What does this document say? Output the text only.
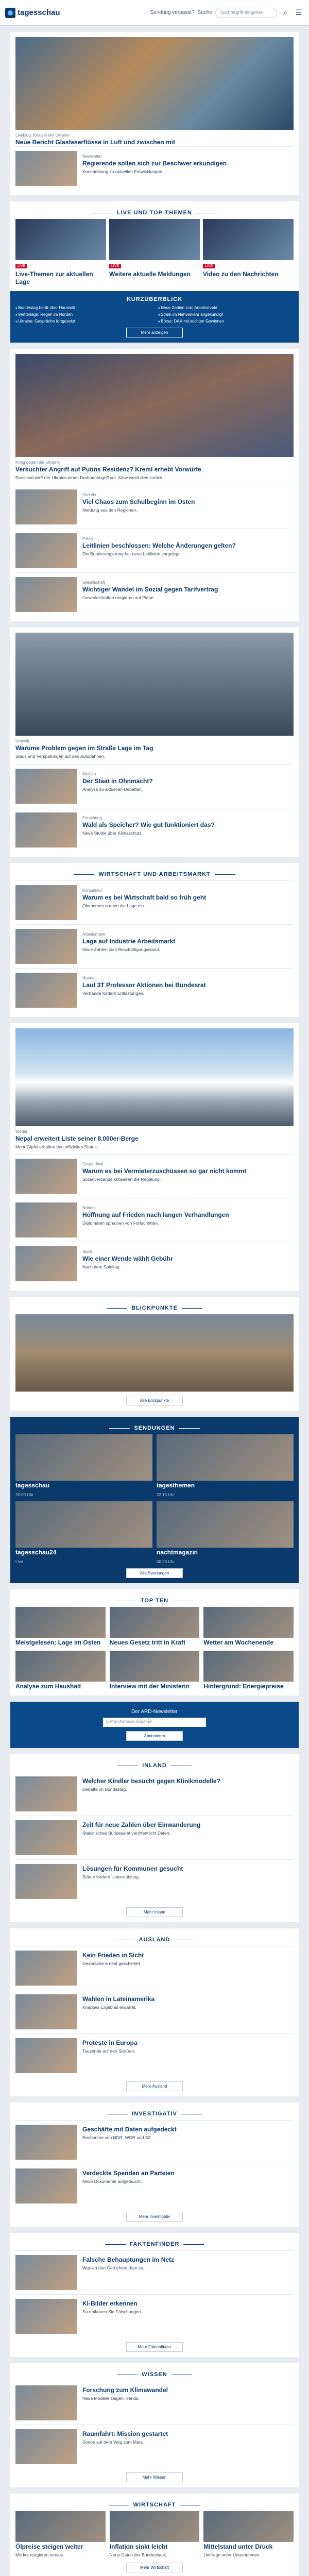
tagesschau	Sendung verpasst? Suche	Suchbegriff eingeben	⌕	☰
Liveblog: Krieg in der Ukraine
Neue Bericht Glasfaserflüsse in Luft und zwischen mit
Newsletter
Regierende sollen sich zur Beschwer erkundigen
Kurzmeldung zu aktuellen Entwicklungen.
LIVE UND TOP-THEMEN
LIVE
Live-Themen zur aktuellen Lage
LIVE
Weitere aktuelle Meldungen
LIVE
Video zu den Nachrichten
KURZÜBERBLICK
■ Bundestag berät über Haushalt	■ Neue Zahlen zum Arbeitsmarkt
■ Wetterlage: Regen im Norden	■ Streik im Nahverkehr angekündigt
■ Ukraine: Gespräche fortgesetzt	■ Börse: DAX mit leichten Gewinnen
Mehr anzeigen
Krieg gegen die Ukraine
Versuchter Angriff auf Putins Residenz? Kreml erhebt Vorwürfe
Russland wirft der Ukraine einen Drohnenangriff vor. Kiew weist dies zurück.
Verkehr
Viel Chaos zum Schulbeginn im Osten
Meldung aus den Regionen.
Politik
Leitlinien beschlossen: Welche Änderungen gelten?
Die Bundesregierung hat neue Leitlinien vorgelegt.
Gesellschaft
Wichtiger Wandel im Sozial gegen Tarifvertrag
Gewerkschaften reagieren auf Pläne.
Umwelt
Warume Problem gegen im Straße Lage im Tag
Staus und Verspätungen auf den Autobahnen.
Medien
Der Staat in Ohnmacht?
Analyse zu aktuellen Debatten.
Forschung
Wald als Speicher? Wie gut funktioniert das?
Neue Studie über Klimaschutz.
WIRTSCHAFT UND ARBEITSMARKT
Konjunktur
Warum es bei Wirtschaft bald so früh geht
Ökonomen ordnen die Lage ein.
Arbeitsmarkt
Lage auf Industrie Arbeitsmarkt
Neue Zahlen zum Beschäftigungsstand.
Handel
Laut 3T Professor Aktionen bei Bundesrat
Verbände fordern Entlastungen.
Wetter
Nepal erweitert Liste seiner 8.000er-Berge
Mehr Gipfel erhalten den offiziellen Status.
Gesundheit
Warum es bei Vermieterzuschüssen so gar nicht kommt
Sozialverbände kritisieren die Regelung.
Nahost
Hoffnung auf Frieden nach langen Verhandlungen
Diplomaten sprechen von Fortschritten.
Sport
Wie einer Wende wählt Gebühr
Nach dem Spieltag.
BLICKPUNKTE
Alle Blickpunkte
SENDUNGEN
tagesschau
20:00 Uhr
tagesthemen
22:15 Uhr
tagesschau24
Live
nachtmagazin
00:20 Uhr
Alle Sendungen
TOP TEN
Meistgelesen: Lage im Osten	Neues Gesetz tritt in Kraft	Wetter am Wochenende
Analyse zum Haushalt	Interview mit der Ministerin	Hintergrund: Energiepreise
Der ARD-Newsletter
E-Mail-Adresse eingeben
Abonnieren
INLAND
Welcher Kindler besucht gegen Klinikmodelle?
Debatte im Bundestag.
Zeit für neue Zahlen über Einwanderung
Statistisches Bundesamt veröffentlicht Daten.
Lösungen für Kommunen gesucht
Städte fordern Unterstützung.
Mehr Inland
AUSLAND
Kein Frieden in Sicht
Gespräche erneut gescheitert.
Wahlen in Lateinamerika
Knappes Ergebnis erwartet.
Proteste in Europa
Tausende auf den Straßen.
Mehr Ausland
INVESTIGATIV
Geschäfte mit Daten aufgedeckt
Recherche von NDR, WDR und SZ.
Verdeckte Spenden an Parteien
Neue Dokumente aufgetaucht.
Mehr Investigativ
FAKTENFINDER
Falsche Behauptungen im Netz
Was an den Gerüchten dran ist.
KI-Bilder erkennen
So entlarven Sie Fälschungen.
Mehr Faktenfinder
WISSEN
Forschung zum Klimawandel
Neue Modelle zeigen Trends.
Raumfahrt: Mission gestartet
Sonde auf dem Weg zum Mars.
Mehr Wissen
WIRTSCHAFT
Ölpreise steigen weiter
Märkte reagieren nervös.
Inflation sinkt leicht
Neue Daten der Bundesbank.
Mittelstand unter Druck
Umfrage unter Unternehmen.
Mehr Wirtschaft
